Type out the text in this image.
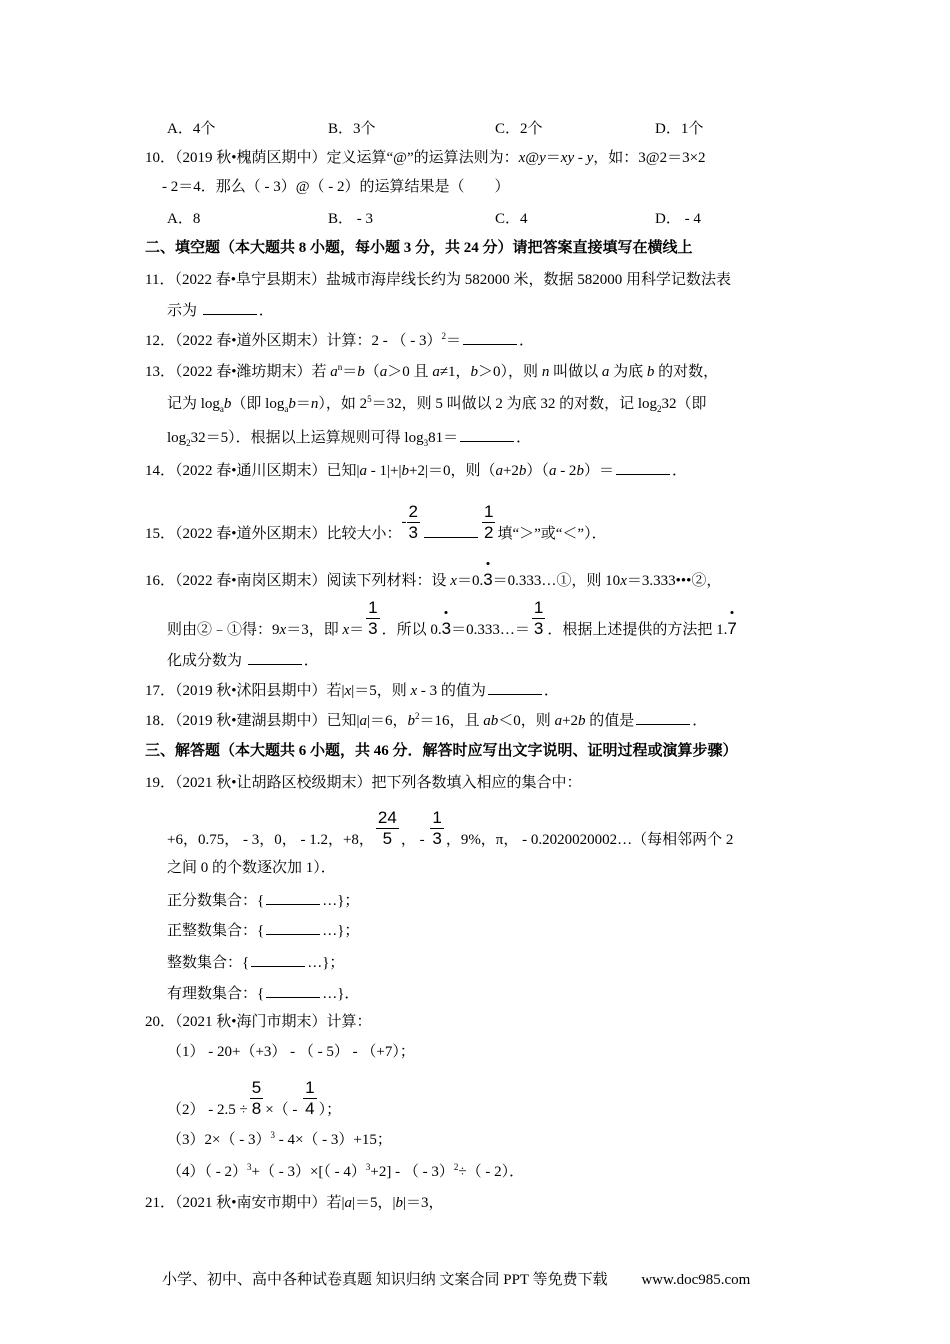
A．4个	B．3个	C．2个	D．1个
10．（2019 秋•槐荫区期中）定义运算“@”的运算法则为：x@y＝xy - y，如：3@2＝3×2
- 2＝4．那么（ - 3）@（ - 2）的运算结果是（　　）
A．8	B． - 3	C．4	D． - 4
二、填空题（本大题共 8 小题，每小题 3 分，共 24 分）请把答案直接填写在横线上
11．（2022 春•阜宁县期末）盐城市海岸线长约为 582000 米，数据 582000 用科学记数法表
示为	．
12．（2022 春•道外区期末）计算：2 - （ - 3）$^2$＝	．
13．（2022 春•潍坊期末）若 $a^n=b(a>0$ 且 a≠1，b＞0），则 n 叫做以 a 为底 b 的对数，
记为 $\log_ab$（即 $\log_ab=n$），如 $2^5=32$，则 5 叫做以 2 为底 32 的对数，记 $\log_232$（即
$\log_232=5$）．根据以上运算规则可得 $\log_381=$	．
14．（2022 春•通川区期末）已知|a - 1|+|b+2|＝0，则（a+2b）（a - 2b）＝	．
15．（2022 春•道外区期末）比较大小：- $\frac{2}{3}$	$\frac{1}{2}$ 填“＞”或“＜”）．
16．（2022 春•南岗区期末）阅读下列材料：设 x＝0.3＝0.333…①，则 10x＝3.333•••②，
则由②﹣①得：9x＝3，即 $x= \frac{1}{3}$ ．所以 0.3＝0.333…＝ $\frac{1}{3}$ ．根据上述提供的方法把 1.7
化成分数为	．
17．（2019 秋•沭阳县期中）若|x|＝5，则 x - 3 的值为	．
18．（2019 秋•建湖县期中）已知|a|＝6，$b^2=16$，且 ab＜0，则 a+2b 的值是	．
三、解答题（本大题共 6 小题，共 46 分．解答时应写出文字说明、证明过程或演算步骤）
19．（2021 秋•让胡路区校级期末）把下列各数填入相应的集合中：
+6，0.75， - 3，0， - 1.2，+8， $\frac{24}{5}$ ， - $\frac{1}{3}$ ，9%，π， - 0.2020020002…（每相邻两个 2
之间 0 的个数逐次加 1）．
正分数集合：{	…}；
正整数集合：{	…}；
整数集合：{	…}；
有理数集合：{	…}．
20．（2021 秋•海门市期末）计算：
（1） - 20+（+3） - （ - 5） - （+7）；
$(2) - 2.5 \div \frac{5}{8}$ ×（ - $\frac{1}{4}$ ）；
（3）2×（ - 3）$^3$ - 4×（ - 3）+15；
（4）（ - 2）$^3$+（ - 3）×[（ - 4）$^3$+2] - （ - 3）$^2$÷（ - 2）．
21．（2021 秋•南安市期中）若|a|＝5，|b|＝3，
小学、初中、高中各种试卷真题 知识归纳 文案合同 PPT 等免费下载 www.doc985.com
